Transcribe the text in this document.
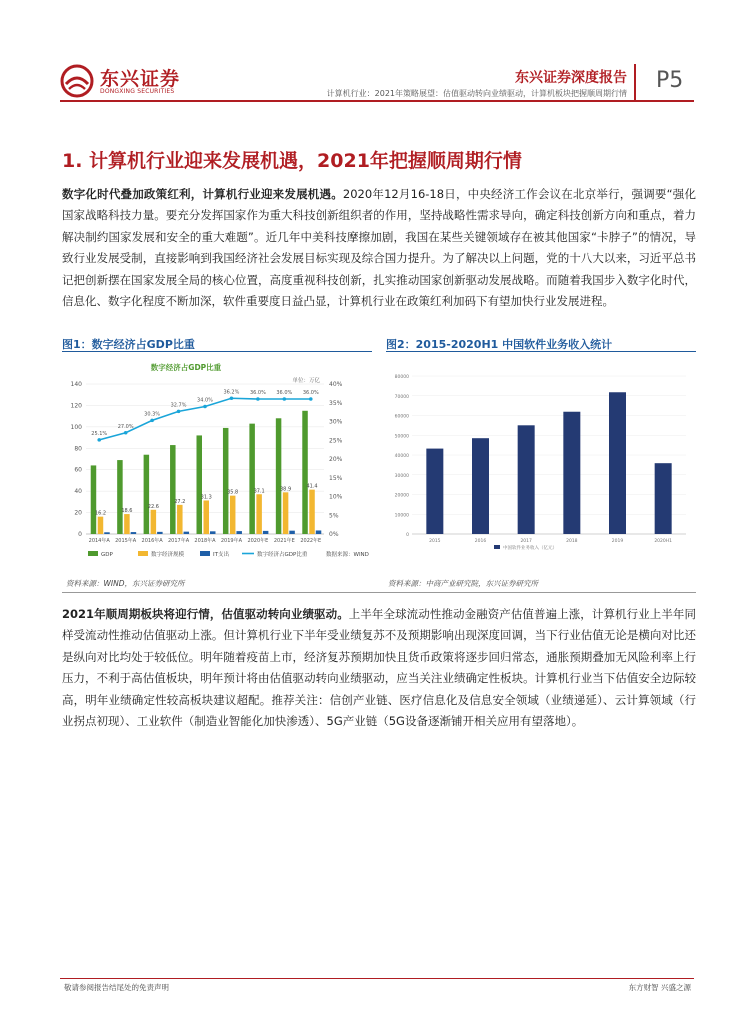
东兴证券
DONGXING SECURITIES
东兴证券深度报告
计算机行业：2021年策略展望：估值驱动转向业绩驱动，计算机板块把握顺周期行情
P5
1. 计算机行业迎来发展机遇，2021年把握顺周期行情
数字化时代叠加政策红利，计算机行业迎来发展机遇。2020年12月16-18日，中央经济工作会议在北京举行，强调要“强化国家战略科技力量。要充分发挥国家作为重大科技创新组织者的作用，坚持战略性需求导向，确定科技创新方向和重点，着力解决制约国家发展和安全的重大难题”。近几年中美科技摩擦加剧，我国在某些关键领域存在被其他国家“卡脖子”的情况，导致行业发展受制，直接影响到我国经济社会发展目标实现及综合国力提升。为了解决以上问题，党的十八大以来，习近平总书记把创新摆在国家发展全局的核心位置，高度重视科技创新，扎实推动国家创新驱动发展战略。而随着我国步入数字化时代，信息化、数字化程度不断加深，软件重要度日益凸显，计算机行业在政策红利加码下有望加快行业发展进程。
图1：数字经济占GDP比重	图2：2015-2020H1 中国软件业务收入统计
数字经济占GDP比重
单位：万亿
0
20
40
60
80
100
120
140
0%
5%
10%
15%
20%
25%
30%
35%
40%
16.2
2014年A
18.6
2015年A
22.6
2016年A
27.2
2017年A
31.3
2018年A
35.8
2019年A
37.1
2020年E
38.9
2021年E
41.4
2022年E
25.1%
27.0%
30.3%
32.7%
34.0%
36.2% 36.0% 36.0% 36.0%
GDP	数字经济规模	IT支出	数字经济占GDP比重	数据来源：WIND
0
10000
20000
30000
40000
50000
60000
70000
80000
2015	2016	2017	2018	2019	2020H1
中国软件业务收入（亿元）
资料来源：WIND，东兴证券研究所	资料来源：中商产业研究院，东兴证券研究所
2021年顺周期板块将迎行情，估值驱动转向业绩驱动。上半年全球流动性推动金融资产估值普遍上涨，计算机行业上半年同样受流动性推动估值驱动上涨。但计算机行业下半年受业绩复苏不及预期影响出现深度回调，当下行业估值无论是横向对比还是纵向对比均处于较低位。明年随着疫苗上市，经济复苏预期加快且货币政策将逐步回归常态，通胀预期叠加无风险利率上行压力，不利于高估值板块，明年预计将由估值驱动转向业绩驱动，应当关注业绩确定性板块。计算机行业当下估值安全边际较高，明年业绩确定性较高板块建议超配。推荐关注：信创产业链、医疗信息化及信息安全领域（业绩递延）、云计算领域（行业拐点初现）、工业软件（制造业智能化加快渗透）、5G产业链（5G设备逐渐铺开相关应用有望落地）。
敬请参阅报告结尾处的免责声明	东方财智 兴盛之源
